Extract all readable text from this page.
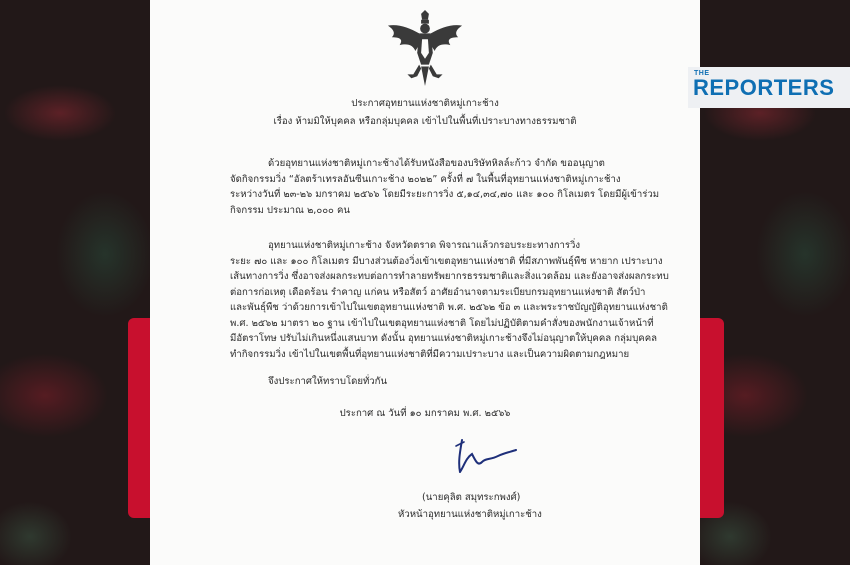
ประกาศอุทยานแห่งชาติหมู่เกาะช้าง
เรื่อง ห้ามมิให้บุคคล หรือกลุ่มบุคคล เข้าไปในพื้นที่เปราะบางทางธรรมชาติ
ด้วยอุทยานแห่งชาติหมู่เกาะช้างได้รับหนังสือของบริษัทหิลล์ะก้าว จำกัด ขออนุญาต
จัดกิจกรรมวิ่ง “อัลตร้าเทรลอันซีนเกาะช้าง ๒๐๒๒” ครั้งที่ ๗ ในพื้นที่อุทยานแห่งชาติหมู่เกาะช้าง
ระหว่างวันที่ ๒๓-๒๖ มกราคม ๒๕๖๖ โดยมีระยะการวิ่ง ๕,๑๔,๓๔,๗๐ และ ๑๐๐ กิโลเมตร โดยมีผู้เข้าร่วม
กิจกรรม ประมาณ ๒,๐๐๐ คน
อุทยานแห่งชาติหมู่เกาะช้าง จังหวัดตราด พิจารณาแล้วกรอบระยะทางการวิ่ง
ระยะ ๗๐ และ ๑๐๐ กิโลเมตร มีบางส่วนต้องวิ่งเข้าเขตอุทยานแห่งชาติ ที่มีสภาพพันธุ์พืช หายาก เปราะบาง
เส้นทางการวิ่ง ซึ่งอาจส่งผลกระทบต่อการทำลายทรัพยากรธรรมชาติและสิ่งแวดล้อม และยังอาจส่งผลกระทบ
ต่อการก่อเหตุ เดือดร้อน รำคาญ แก่คน หรือสัตว์ อาศัยอำนาจตามระเบียบกรมอุทยานแห่งชาติ สัตว์ป่า
และพันธุ์พืช ว่าด้วยการเข้าไปในเขตอุทยานแห่งชาติ พ.ศ. ๒๕๖๒ ข้อ ๓ และพระราชบัญญัติอุทยานแห่งชาติ
พ.ศ. ๒๕๖๒ มาตรา ๒๐ ฐาน เข้าไปในเขตอุทยานแห่งชาติ โดยไม่ปฏิบัติตามคำสั่งของพนักงานเจ้าหน้าที่
มีอัตราโทษ ปรับไม่เกินหนึ่งแสนบาท ดังนั้น อุทยานแห่งชาติหมู่เกาะช้างจึงไม่อนุญาตให้บุคคล กลุ่มบุคคล
ทำกิจกรรมวิ่ง เข้าไปในเขตพื้นที่อุทยานแห่งชาติที่มีความเปราะบาง และเป็นความผิดตามกฎหมาย
จึงประกาศให้ทราบโดยทั่วกัน
ประกาศ ณ วันที่ ๑๐ มกราคม พ.ศ. ๒๕๖๖
(นายคุลิต สมุทระกพงศ์)
หัวหน้าอุทยานแห่งชาติหมู่เกาะช้าง
THE
REPORTERS
